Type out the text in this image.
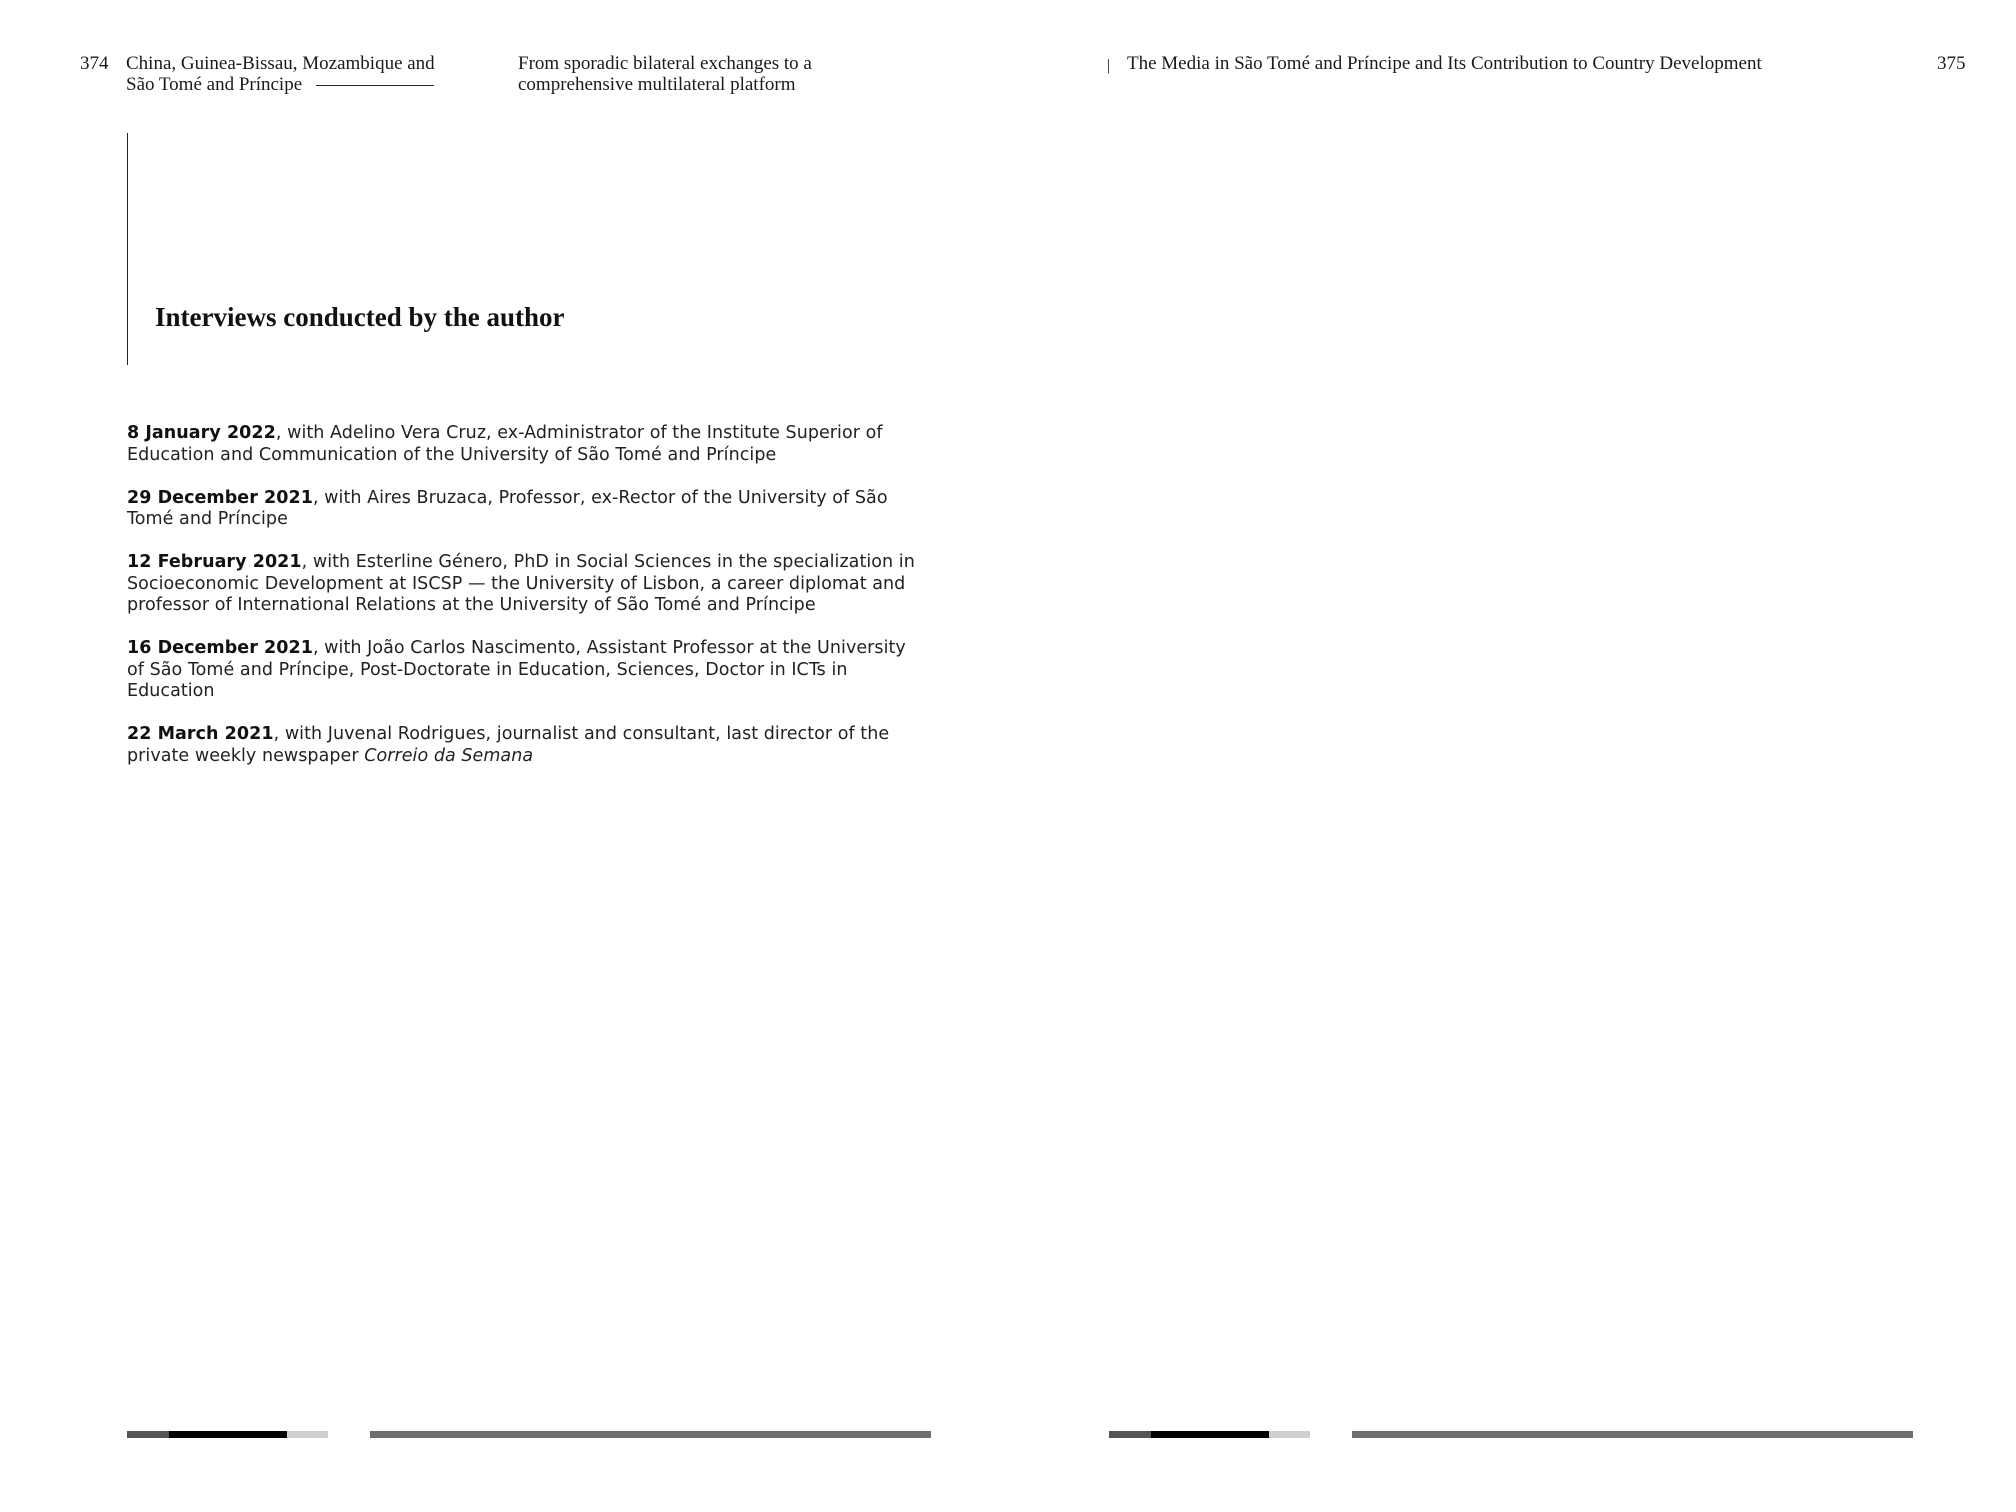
374 China, Guinea-Bissau, Mozambique and
São Tomé and Príncipe
From sporadic bilateral exchanges to a
comprehensive multilateral platform
| The Media in São Tomé and Príncipe and Its Contribution to Country Development	375
Interviews conducted by the author

8 January 2022, with Adelino Vera Cruz, ex-Administrator of the Institute Superior of Education and Communication of the University of São Tomé and Príncipe

29 December 2021, with Aires Bruzaca, Professor, ex-Rector of the University of São Tomé and Príncipe

12 February 2021, with Esterline Género, PhD in Social Sciences in the specialization in Socioeconomic Development at ISCSP — the University of Lisbon, a career diplomat and professor of International Relations at the University of São Tomé and Príncipe

16 December 2021, with João Carlos Nascimento, Assistant Professor at the University of São Tomé and Príncipe, Post-Doctorate in Education, Sciences, Doctor in ICTs in Education

22 March 2021, with Juvenal Rodrigues, journalist and consultant, last director of the private weekly newspaper Correio da Semana
